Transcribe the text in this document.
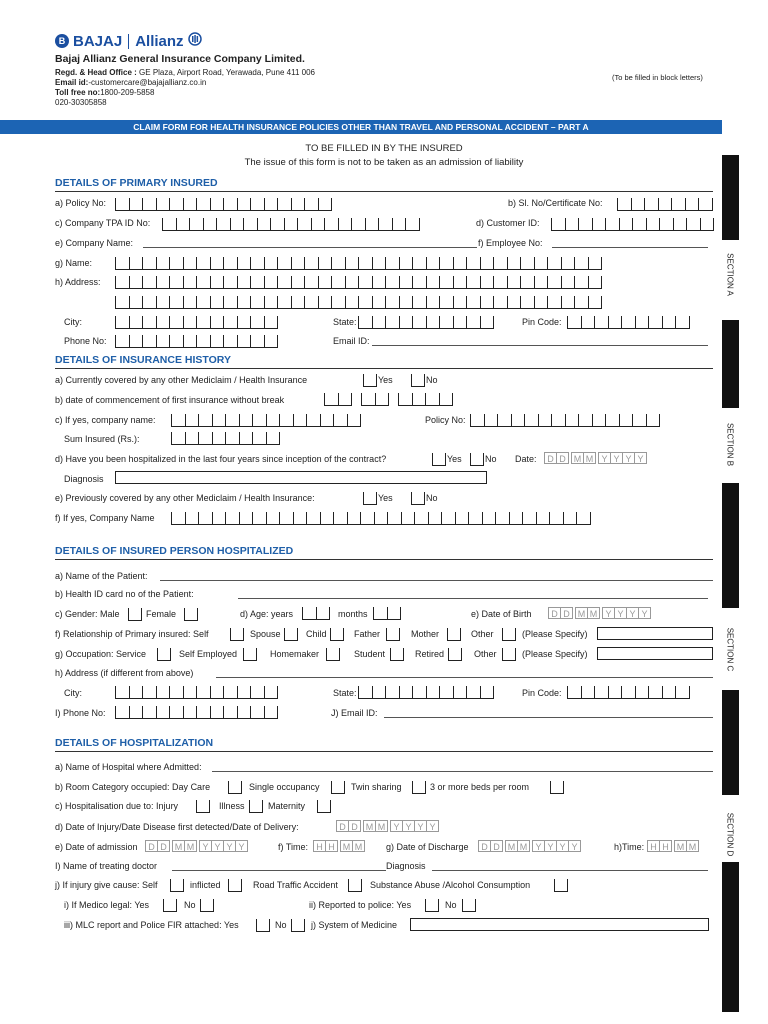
B BAJAJ Allianz
Bajaj Allianz General Insurance Company Limited.
Regd. & Head Office : GE Plaza, Airport Road, Yerawada, Pune 411 006
Email id:-customercare@bajajallianz.co.in
Toll free no:1800-209-5858
020-30305858
(To be filled in block letters)
CLAIM FORM FOR HEALTH INSURANCE POLICIES OTHER THAN TRAVEL AND PERSONAL ACCIDENT – PART A
TO BE FILLED IN BY THE INSURED
The issue of this form is not to be taken as an admission of liability
SECTION A
SECTION B
SECTION C
SECTION D
DETAILS OF PRIMARY INSURED
a) Policy No:	b) Sl. No/Certificate No:
c) Company TPA ID No:	d) Customer ID:
e) Company Name:	f) Employee No:
g) Name:
h) Address:
City:	State:	Pin Code:
Phone No:	Email ID:
DETAILS OF INSURANCE HISTORY
a) Currently covered by any other Mediclaim / Health Insurance	Yes	No
b) date of commencement of first insurance without break
c) If yes, company name:	Policy No:
Sum Insured (Rs.):
d) Have you been hospitalized in the last four years since inception of the contract?	Yes	No Date:	D D M M Y Y Y Y
Diagnosis
e) Previously covered by any other Mediclaim / Health Insurance:	Yes	No
f) If yes, Company Name
DETAILS OF INSURED PERSON HOSPITALIZED
a) Name of the Patient:
b) Health ID card no of the Patient:
c) Gender: Male	Female	d) Age: years	months	e) Date of Birth	D D M M Y Y Y Y
f) Relationship of Primary insured: Self	Spouse	Child	Father	Mother	Other	(Please Specify)
g) Occupation: Service	Self Employed	Homemaker	Student	Retired	Other	(Please Specify)
h) Address (if different from above)
City:	State:	Pin Code:
I) Phone No:	J) Email ID:
DETAILS OF HOSPITALIZATION
a) Name of Hospital where Admitted:
b) Room Category occupied: Day Care	Single occupancy	Twin sharing	3 or more beds per room
c) Hospitalisation due to: Injury	Illness	Maternity
d) Date of Injury/Date Disease first detected/Date of Delivery:	D D M M Y Y Y Y
e) Date of admission	D D M M Y Y Y Y	f) Time: H H M M	g) Date of Discharge	D D M M Y Y Y Y	h)Time: H H M M
I) Name of treating doctor	Diagnosis
j) If injury give cause: Self	inflicted	Road Traffic Accident	Substance Abuse /Alcohol Consumption
i) If Medico legal: Yes	No	ii) Reported to police: Yes	No
iii) MLC report and Police FIR attached: Yes	No	j) System of Medicine
